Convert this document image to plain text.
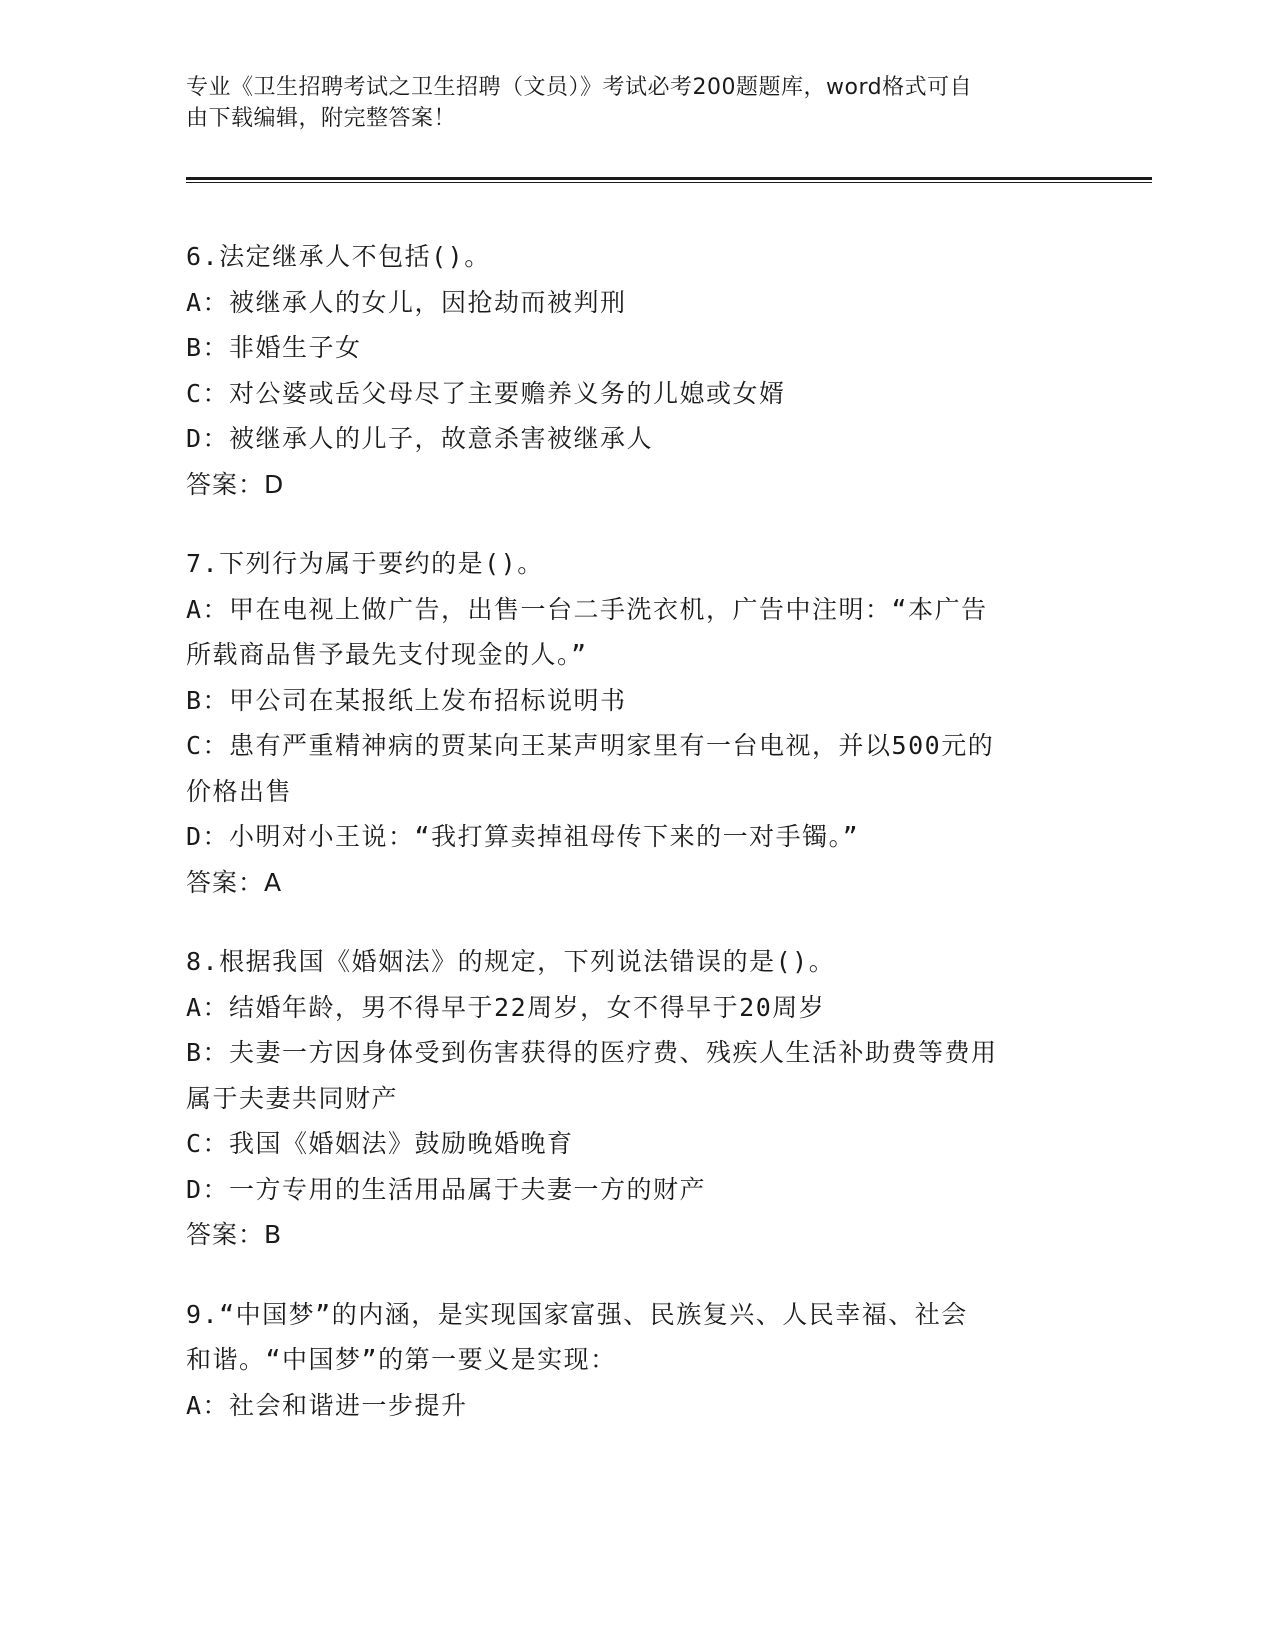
专业《卫生招聘考试之卫生招聘（文员）》考试必考200题题库，word格式可自
由下载编辑，附完整答案！
6.法定继承人不包括()。
A：被继承人的女儿，因抢劫而被判刑
B：非婚生子女
C：对公婆或岳父母尽了主要赡养义务的儿媳或女婿
D：被继承人的儿子，故意杀害被继承人
答案：D
7.下列行为属于要约的是()。
A：甲在电视上做广告，出售一台二手洗衣机，广告中注明：“本广告
所载商品售予最先支付现金的人。”
B：甲公司在某报纸上发布招标说明书
C：患有严重精神病的贾某向王某声明家里有一台电视，并以500元的
价格出售
D：小明对小王说：“我打算卖掉祖母传下来的一对手镯。”
答案：A
8.根据我国《婚姻法》的规定，下列说法错误的是()。
A：结婚年龄，男不得早于22周岁，女不得早于20周岁
B：夫妻一方因身体受到伤害获得的医疗费、残疾人生活补助费等费用
属于夫妻共同财产
C：我国《婚姻法》鼓励晚婚晚育
D：一方专用的生活用品属于夫妻一方的财产
答案：B
9.“中国梦”的内涵，是实现国家富强、民族复兴、人民幸福、社会
和谐。“中国梦”的第一要义是实现：
A：社会和谐进一步提升
